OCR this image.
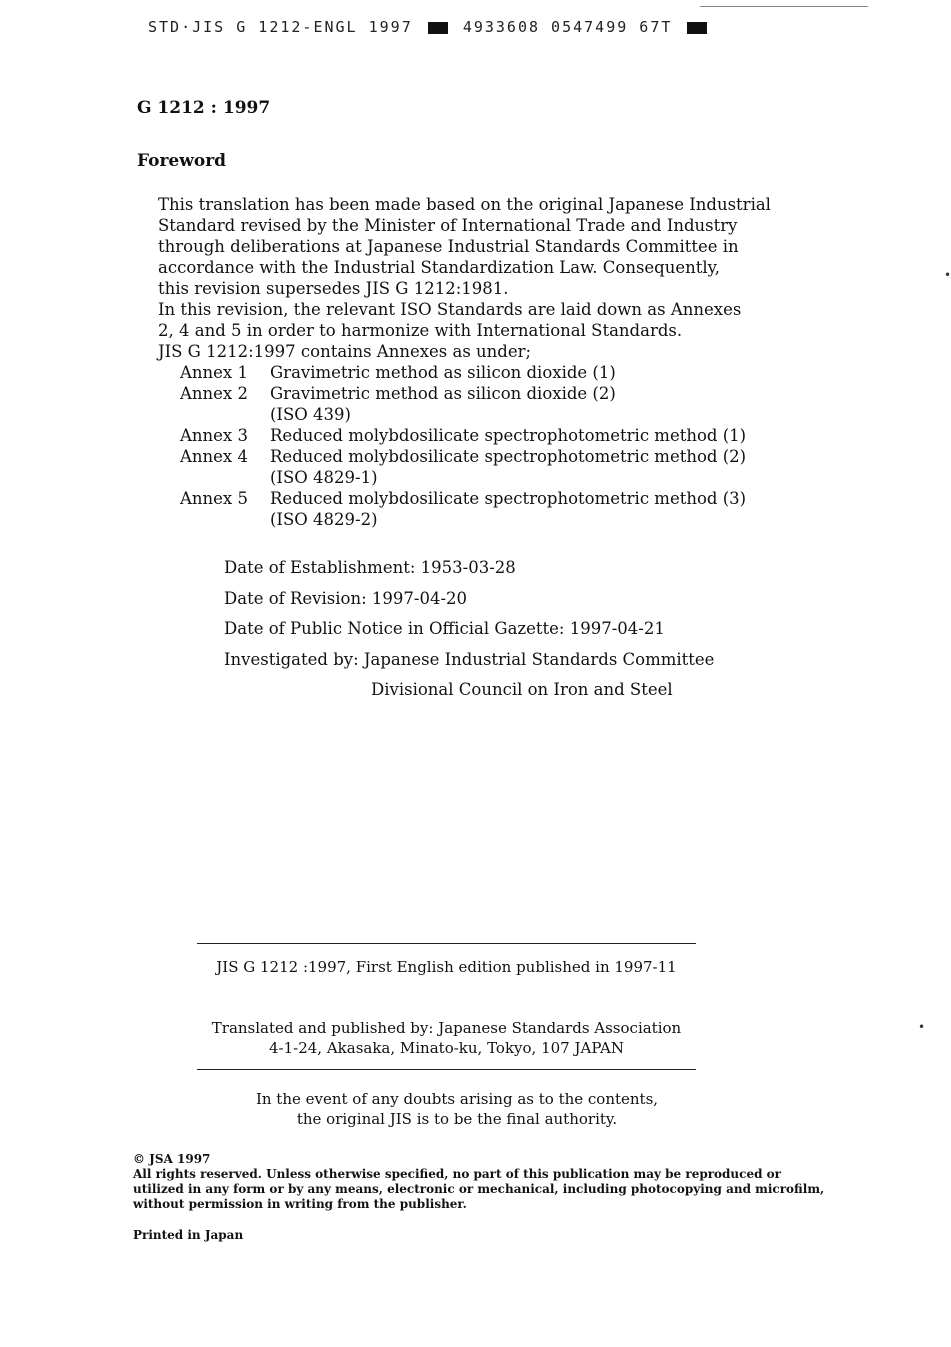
STD·JIS G 1212-ENGL 1997	4933608 0547499 67T
G 1212 : 1997
Foreword
This translation has been made based on the original Japanese Industrial
Standard revised by the Minister of International Trade and Industry
through deliberations at Japanese Industrial Standards Committee in
accordance with the Industrial Standardization Law. Consequently,
this revision supersedes JIS G 1212:1981.
In this revision, the relevant ISO Standards are laid down as Annexes
2, 4 and 5 in order to harmonize with International Standards.
JIS G 1212:1997 contains Annexes as under;
Annex 1	Gravimetric method as silicon dioxide (1)
Annex 2	Gravimetric method as silicon dioxide (2)
(ISO 439)
Annex 3	Reduced molybdosilicate spectrophotometric method (1)
Annex 4	Reduced molybdosilicate spectrophotometric method (2)
(ISO 4829-1)
Annex 5	Reduced molybdosilicate spectrophotometric method (3)
(ISO 4829-2)
Date of Establishment: 1953-03-28
Date of Revision: 1997-04-20
Date of Public Notice in Official Gazette: 1997-04-21
Investigated by: Japanese Industrial Standards Committee
Divisional Council on Iron and Steel
JIS G 1212 :1997, First English edition published in 1997-11
Translated and published by: Japanese Standards Association
4-1-24, Akasaka, Minato-ku, Tokyo, 107 JAPAN
In the event of any doubts arising as to the contents,
the original JIS is to be the final authority.
© JSA 1997
All rights reserved. Unless otherwise specified, no part of this publication may be reproduced or
utilized in any form or by any means, electronic or mechanical, including photocopying and microfilm,
without permission in writing from the publisher.
Printed in Japan
•
•
